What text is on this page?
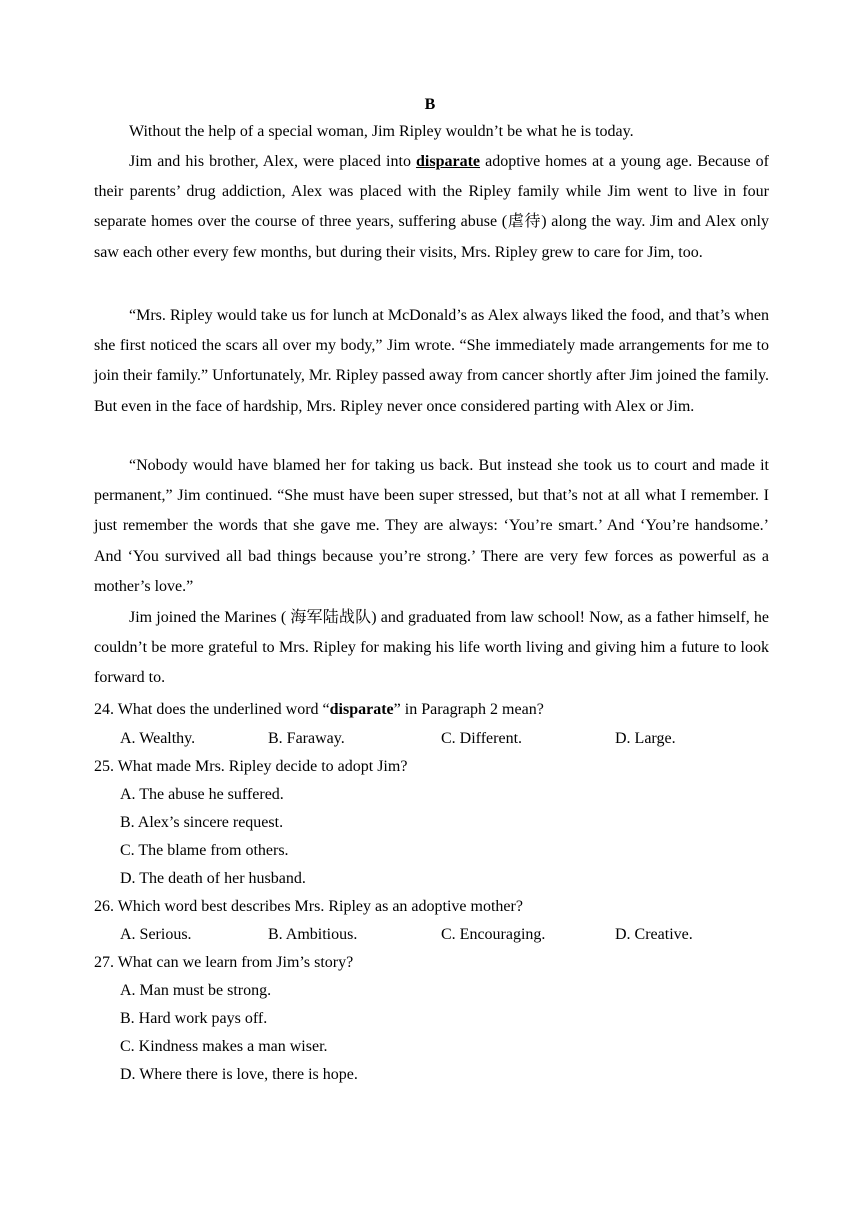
B

Without the help of a special woman, Jim Ripley wouldn’t be what he is today.

Jim and his brother, Alex, were placed into disparate adoptive homes at a young age. Because of their parents’ drug addiction, Alex was placed with the Ripley family while Jim went to live in four separate homes over the course of three years, suffering abuse (虐待) along the way. Jim and Alex only saw each other every few months, but during their visits, Mrs. Ripley grew to care for Jim, too.

“Mrs. Ripley would take us for lunch at McDonald’s as Alex always liked the food, and that’s when she first noticed the scars all over my body,” Jim wrote. “She immediately made arrangements for me to join their family.” Unfortunately, Mr. Ripley passed away from cancer shortly after Jim joined the family. But even in the face of hardship, Mrs. Ripley never once considered parting with Alex or Jim.

“Nobody would have blamed her for taking us back. But instead she took us to court and made it permanent,” Jim continued. “She must have been super stressed, but that’s not at all what I remember. I just remember the words that she gave me. They are always: ‘You’re smart.’ And ‘You’re handsome.’ And ‘You survived all bad things because you’re strong.’ There are very few forces as powerful as a mother’s love.”

Jim joined the Marines ( 海军陆战队) and graduated from law school! Now, as a father himself, he couldn’t be more grateful to Mrs. Ripley for making his life worth living and giving him a future to look forward to.

24. What does the underlined word “disparate” in Paragraph 2 mean?
A. Wealthy.	B. Faraway.	C. Different.	D. Large.
25. What made Mrs. Ripley decide to adopt Jim?
A. The abuse he suffered.
B. Alex’s sincere request.
C. The blame from others.
D. The death of her husband.
26. Which word best describes Mrs. Ripley as an adoptive mother?
A. Serious.	B. Ambitious.	C. Encouraging.	D. Creative.
27. What can we learn from Jim’s story?
A. Man must be strong.
B. Hard work pays off.
C. Kindness makes a man wiser.
D. Where there is love, there is hope.
